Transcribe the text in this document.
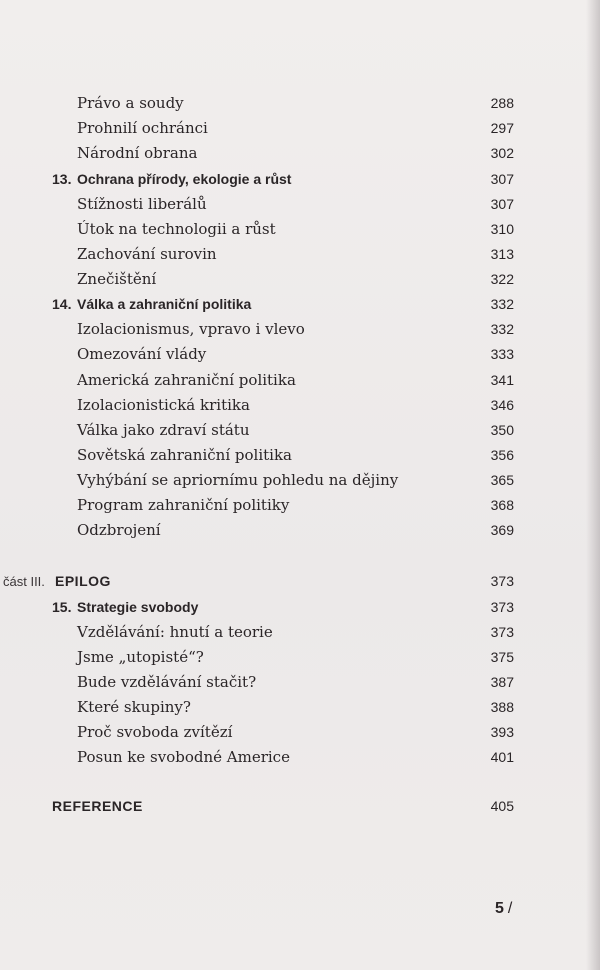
Právo a soudy	288
Prohnilí ochránci	297
Národní obrana	302
13. Ochrana přírody, ekologie a růst	307
Stížnosti liberálů	307
Útok na technologii a růst	310
Zachování surovin	313
Znečištění	322
14. Válka a zahraniční politika	332
Izolacionismus, vpravo i vlevo	332
Omezování vlády	333
Americká zahraniční politika	341
Izolacionistická kritika	346
Válka jako zdraví státu	350
Sovětská zahraniční politika	356
Vyhýbání se apriornímu pohledu na dějiny	365
Program zahraniční politiky	368
Odzbrojení	369
část III. EPILOG	373
15. Strategie svobody	373
Vzdělávání: hnutí a teorie	373
Jsme „utopisté“?	375
Bude vzdělávání stačit?	387
Které skupiny?	388
Proč svoboda zvítězí	393
Posun ke svobodné Americe	401
REFERENCE	405
5 /
